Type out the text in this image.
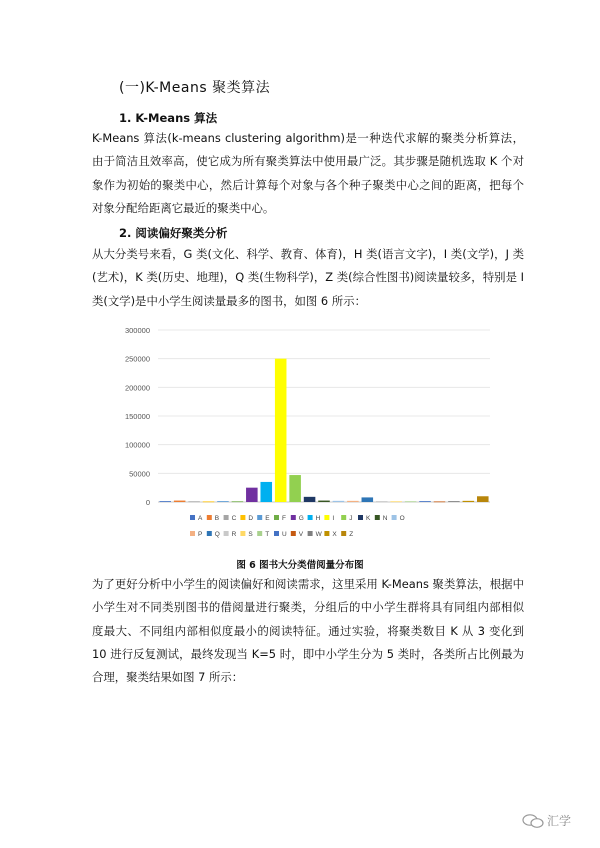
(一)K-Means 聚类算法
1. K-Means 算法

K-Means 算法(k-means clustering algorithm)是一种迭代求解的聚类分析算法，由于简洁且效率高，使它成为所有聚类算法中使用最广泛。其步骤是随机选取 K 个对象作为初始的聚类中心，然后计算每个对象与各个种子聚类中心之间的距离，把每个对象分配给距离它最近的聚类中心。

2. 阅读偏好聚类分析

从大分类号来看，G 类(文化、科学、教育、体育)，H 类(语言文字)，I 类(文学)，J 类(艺术)，K 类(历史、地理)，Q 类(生物科学)，Z 类(综合性图书)阅读量较多，特别是 I 类(文学)是中小学生阅读量最多的图书，如图 6 所示：

0
50000
100000
150000
200000
250000
300000
A B C D E F G H I J K N O
P Q R S T U V W X Z
图 6 图书大分类借阅量分布图

为了更好分析中小学生的阅读偏好和阅读需求，这里采用 K-Means 聚类算法，根据中小学生对不同类别图书的借阅量进行聚类，分组后的中小学生群将具有同组内部相似度最大、不同组内部相似度最小的阅读特征。通过实验，将聚类数目 K 从 3 变化到 10 进行反复测试，最终发现当 K=5 时，即中小学生分为 5 类时，各类所占比例最为合理，聚类结果如图 7 所示：

汇学
